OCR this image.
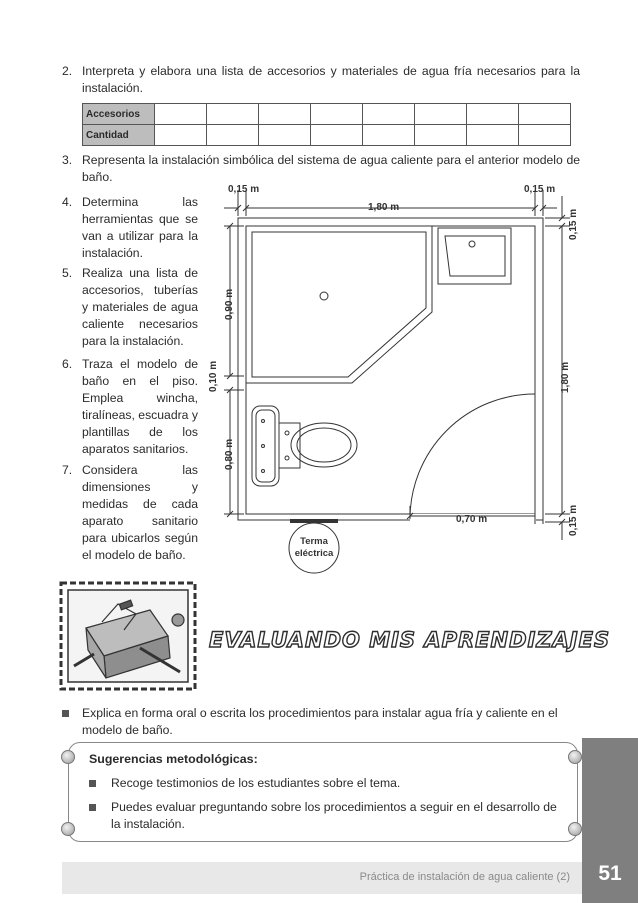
2. Interpreta y elabora una lista de accesorios y materiales de agua fría necesarios para la instalación.
Accesorios								
Cantidad								
3. Representa la instalación simbólica del sistema de agua caliente para el anterior modelo de baño.
4. Determina las herramientas que se van a utilizar para la instalación.
5. Realiza una lista de accesorios, tuberías y materiales de agua caliente necesarios para la instalación.
6. Traza el modelo de baño en el piso. Emplea wincha, tiralíneas, escuadra y plantillas de los aparatos sanitarios.
7. Considera las dimensiones y medidas de cada aparato sanitario para ubicarlos según el modelo de baño.
Terma
eléctrica
0,15 m	0,15 m
1,80 m
0,70 m
0,15 m
1,80 m
0,15 m
0,90 m
0,10 m
0,80 m
EVALUANDO MIS APRENDIZAJES
Explica en forma oral o escrita los procedimientos para instalar agua fría y caliente en el modelo de baño.
Sugerencias metodológicas:
Recoge testimonios de los estudiantes sobre el tema.
Puedes evaluar preguntando sobre los procedimientos a seguir en el desarrollo de la instalación.
Práctica de instalación de agua caliente (2)	51
